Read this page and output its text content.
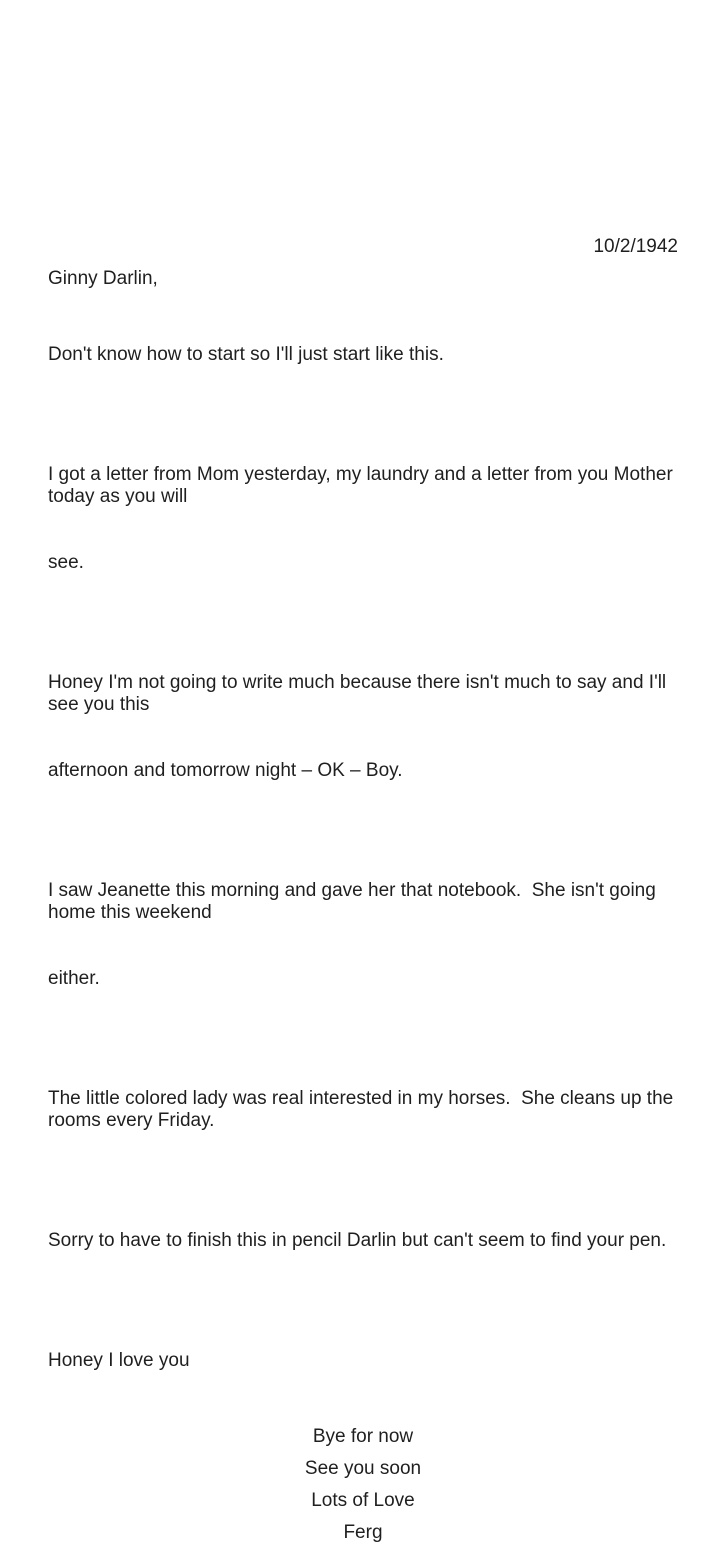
10/2/1942

Ginny Darlin,

Don't know how to start so I'll just start like this.

I got a letter from Mom yesterday, my laundry and a letter from you Mother today as you will

see.

Honey I'm not going to write much because there isn't much to say and I'll see you this

afternoon and tomorrow night – OK – Boy.

I saw Jeanette this morning and gave her that notebook.  She isn't going home this weekend

either.

The little colored lady was real interested in my horses.  She cleans up the rooms every Friday.

Sorry to have to finish this in pencil Darlin but can't seem to find your pen.

Honey I love you

Bye for now

See you soon

Lots of Love

Ferg
